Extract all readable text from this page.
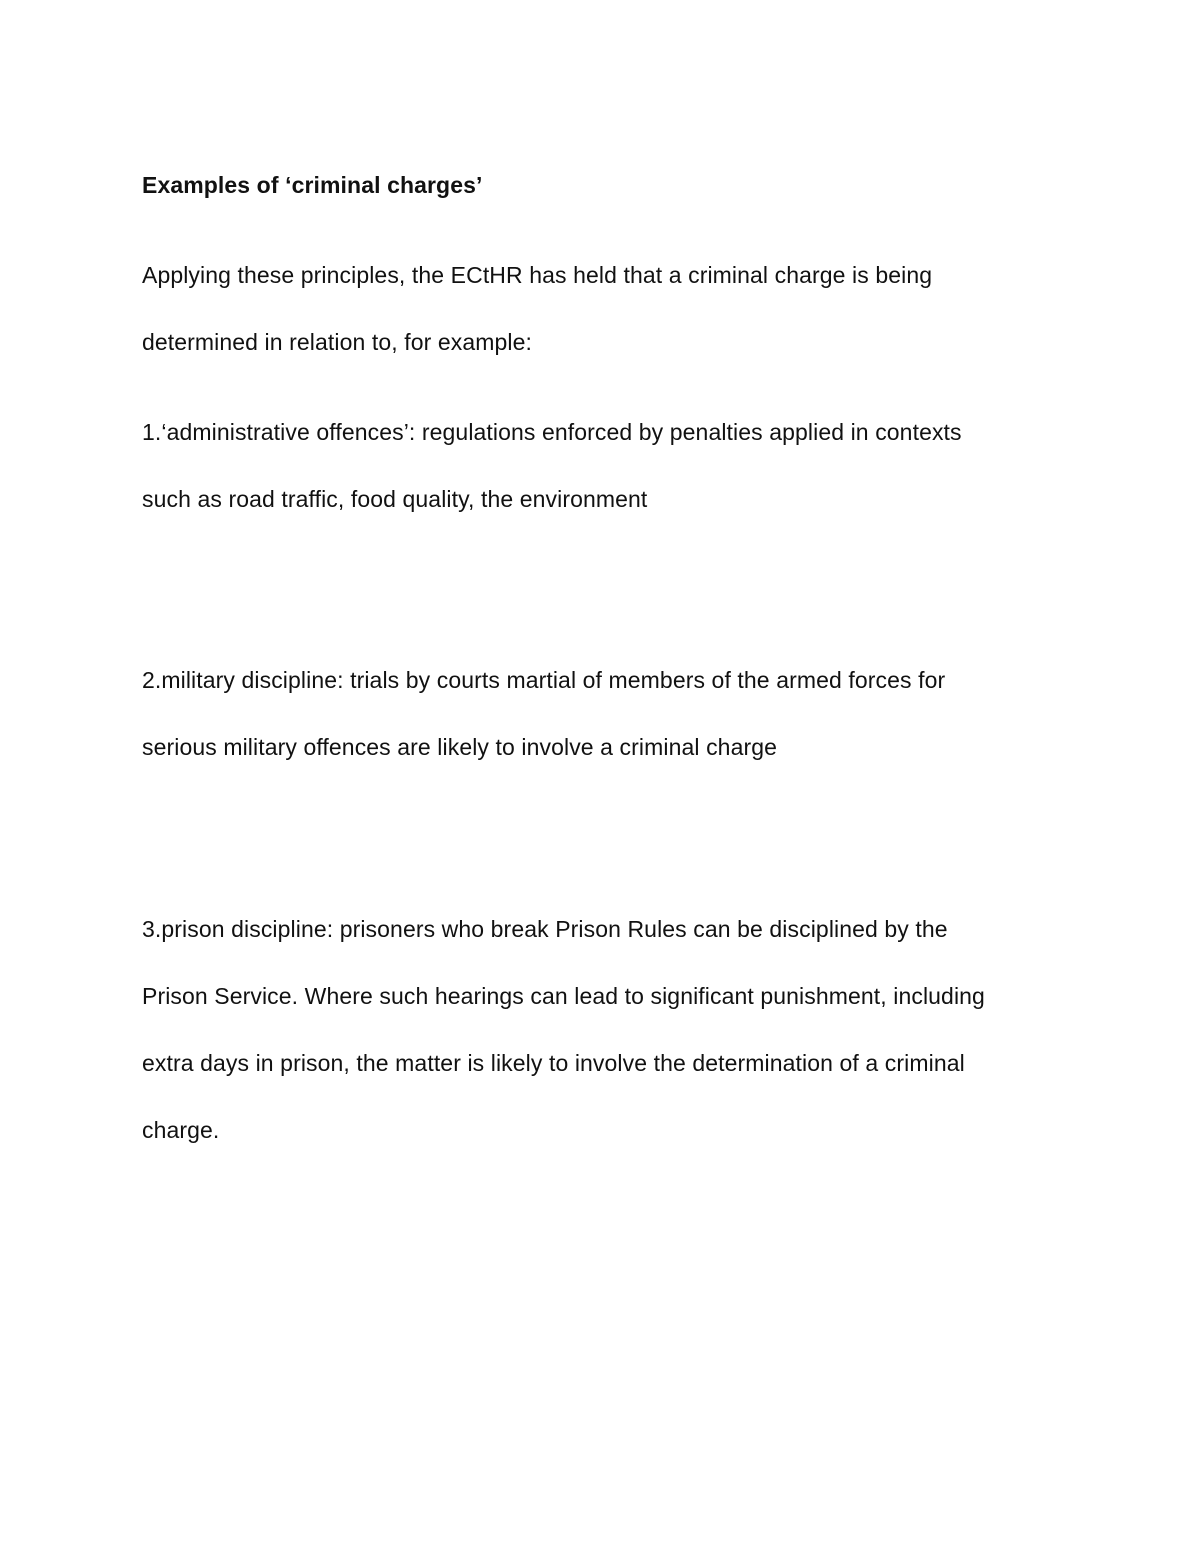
Examples of ‘criminal charges’
Applying these principles, the ECtHR has held that a criminal charge is being
determined in relation to, for example:
1.‘administrative offences’: regulations enforced by penalties applied in contexts
such as road traffic, food quality, the environment
2.military discipline: trials by courts martial of members of the armed forces for
serious military offences are likely to involve a criminal charge
3.prison discipline: prisoners who break Prison Rules can be disciplined by the
Prison Service. Where such hearings can lead to significant punishment, including
extra days in prison, the matter is likely to involve the determination of a criminal
charge.
